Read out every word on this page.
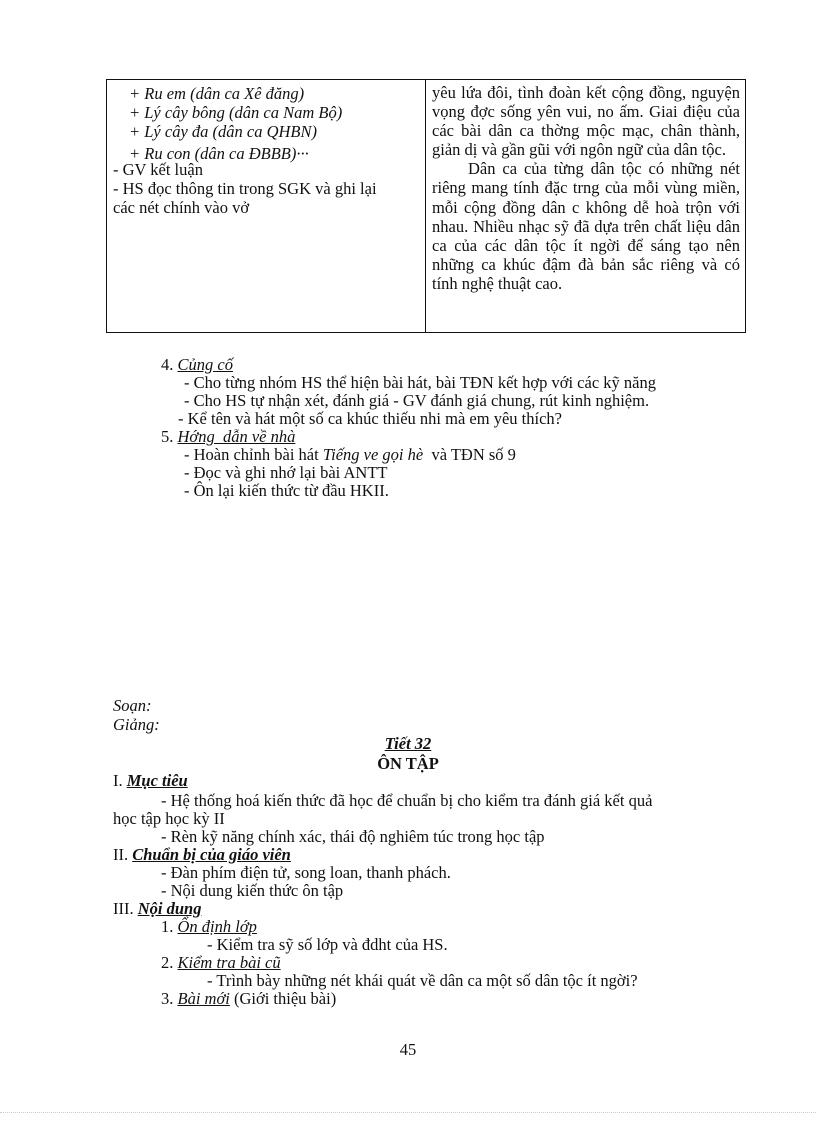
+ Ru em (dân ca Xê đăng)
+ Lý cây bông (dân ca Nam Bộ)
+ Lý cây đa (dân ca QHBN)
+ Ru con (dân ca ĐBBB)···
- GV kết luận
- HS đọc thông tin trong SGK và ghi lại
các nét chính vào vở

yêu lứa đôi, tình đoàn kết cộng đồng, nguyện vọng đợc sống yên vui, no ấm. Giai điệu của các bài dân ca thờng mộc mạc, chân thành, giản dị và gần gũi với ngôn ngữ của dân tộc.

Dân ca của từng dân tộc có những nét riêng mang tính đặc trng của mỗi vùng miền, mỗi cộng đồng dân c không dễ hoà trộn với nhau. Nhiều nhạc sỹ đã dựa trên chất liệu dân ca của các dân tộc ít ngời để sáng tạo nên những ca khúc đậm đà bản sắc riêng và có tính nghệ thuật cao.

4. Củng cố
- Cho từng nhóm HS thể hiện bài hát, bài TĐN kết hợp với các kỹ năng
- Cho HS tự nhận xét, đánh giá - GV đánh giá chung, rút kinh nghiệm.
- Kể tên và hát một số ca khúc thiếu nhi mà em yêu thích?
5. Hớng  dẫn về nhà
- Hoàn chỉnh bài hát Tiếng ve gọi hè  và TĐN số 9
- Đọc và ghi nhớ lại bài ANTT
- Ôn lại kiến thức từ đầu HKII.
Soạn:
Giảng:
Tiết 32
ÔN TẬP
I. Mục tiêu
- Hệ thống hoá kiến thức đã học để chuẩn bị cho kiểm tra đánh giá kết quả
học tập học kỳ II
- Rèn kỹ năng chính xác, thái độ nghiêm túc trong học tập
II. Chuẩn bị của giáo viên
- Đàn phím điện tử, song loan, thanh phách.
- Nội dung kiến thức ôn tập
III. Nội dung
1. Ổn định lớp
- Kiểm tra sỹ số lớp và đdht của HS.
2. Kiểm tra bài cũ
- Trình bày những nét khái quát về dân ca một số dân tộc ít ngời?
3. Bài mới (Giới thiệu bài)
45
